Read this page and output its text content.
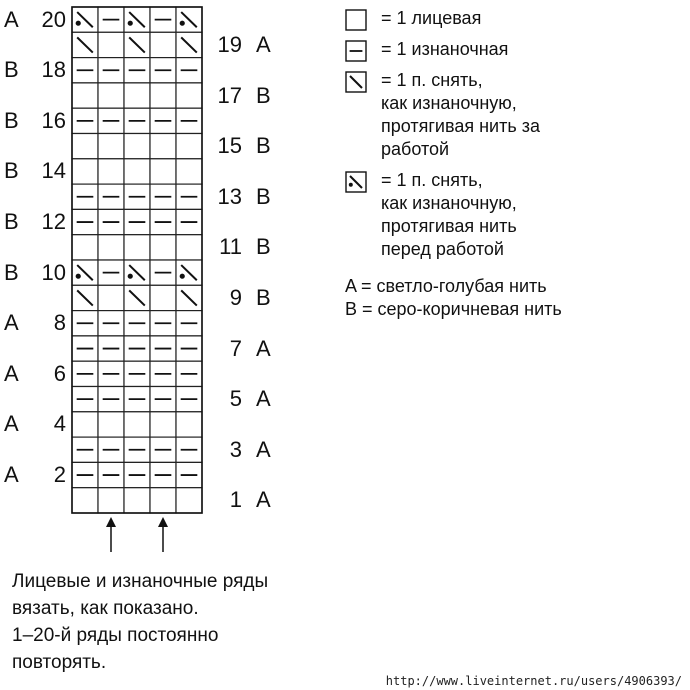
A 20
B 18
B 16
B 14
B 12
B 10
A 8
A 6
A 4
A 2
19 A
17 B
15 B
13 B
11 B
9 B
7 A
5 A
3 A
1 A
= 1 лицевая
= 1 изнаночная
= 1 п. снять,
как изнаночную,
протягивая нить за
работой
= 1 п. снять,
как изнаночную,
протягивая нить
перед работой
A = светло-голубая нить
B = серо-коричневая нить
Лицевые и изнаночные ряды
вязать, как показано.
1–20-й ряды постоянно
повторять.
http://www.liveinternet.ru/users/4906393/
